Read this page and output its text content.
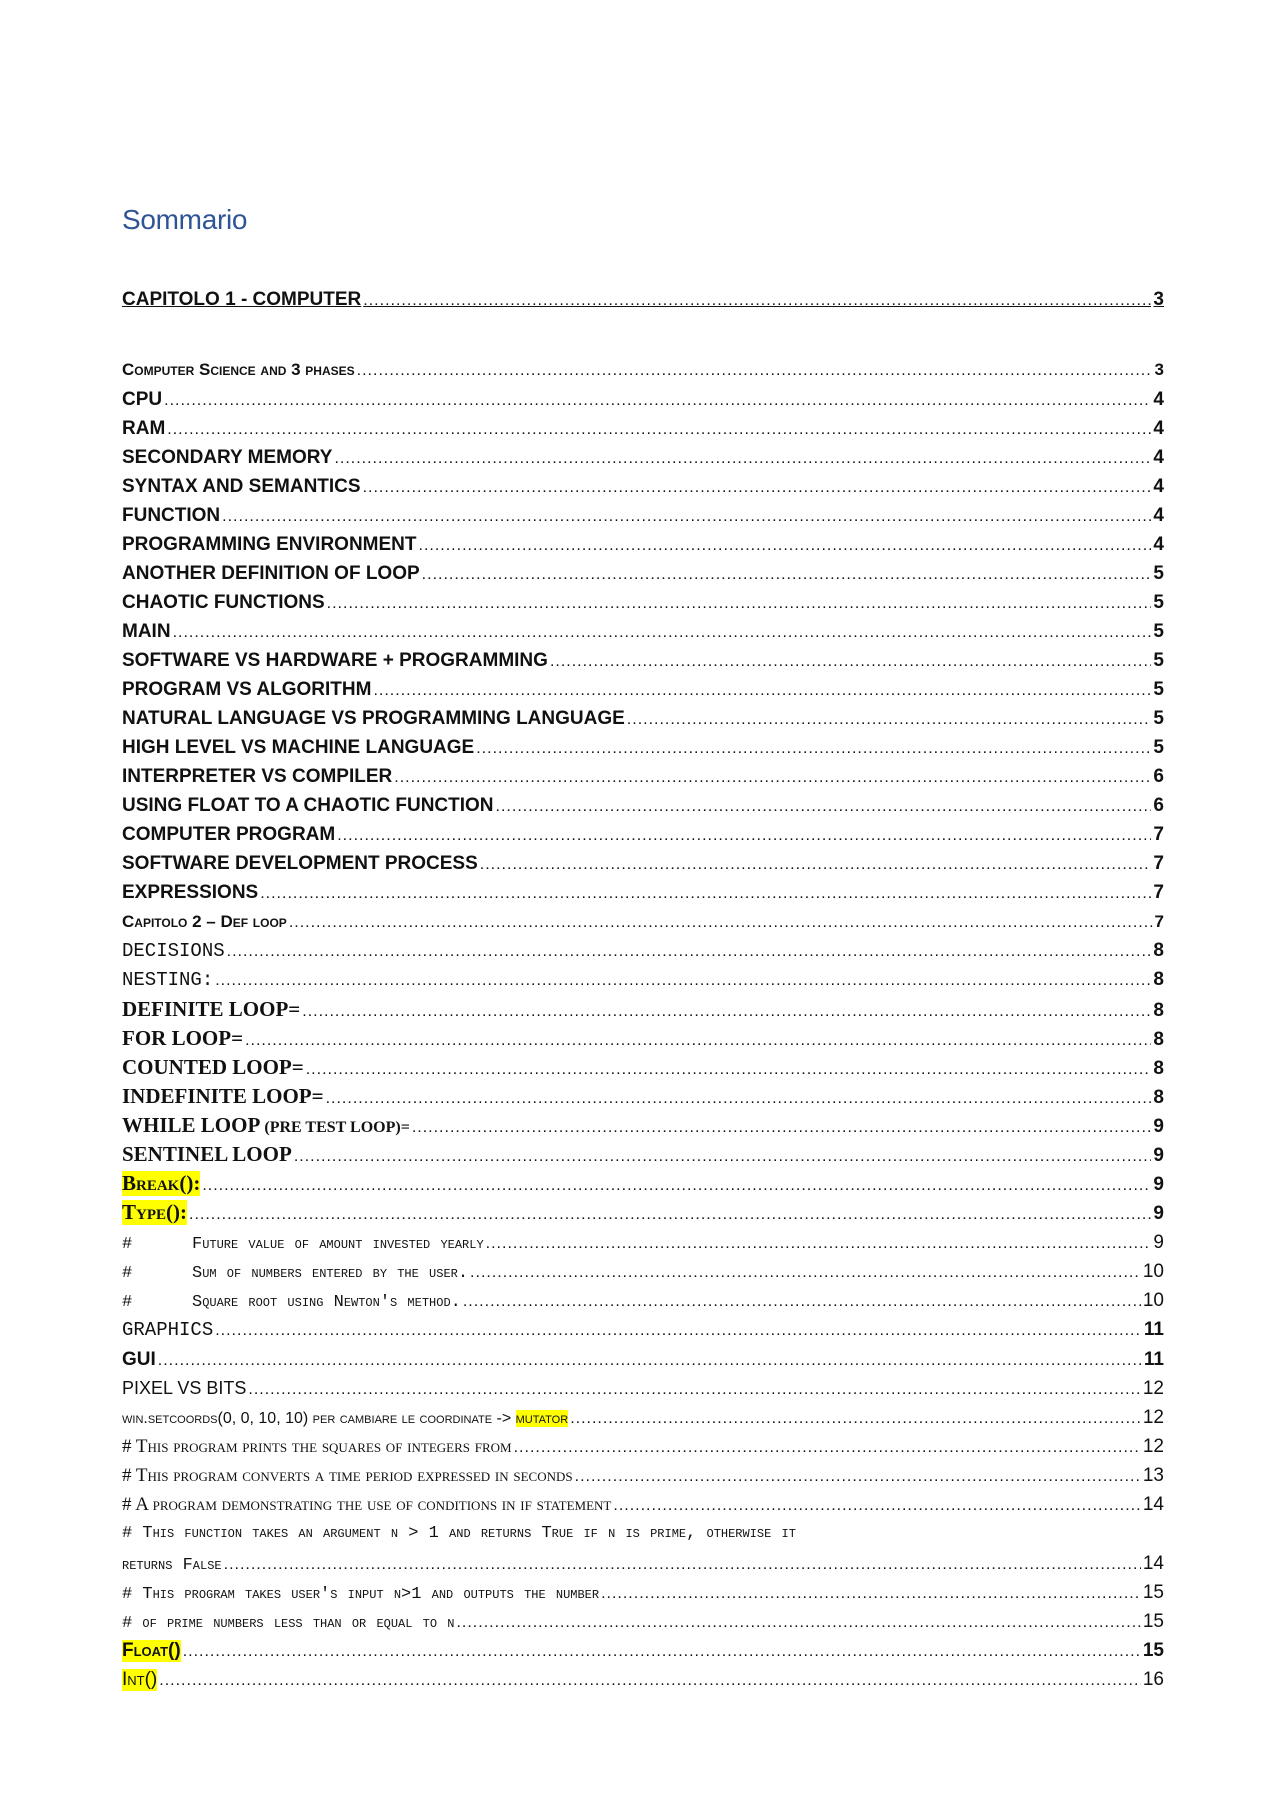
Sommario
CAPITOLO 1 - COMPUTER .....	3
Computer Science and 3 phases .....	3
CPU .....	4
RAM .....	4
SECONDARY MEMORY .....	4
SYNTAX AND SEMANTICS .....	4
FUNCTION .....	4
PROGRAMMING ENVIRONMENT .....	4
ANOTHER DEFINITION OF LOOP .....	5
CHAOTIC FUNCTIONS .....	5
MAIN .....	5
SOFTWARE VS HARDWARE + PROGRAMMING .....	5
PROGRAM VS ALGORITHM .....	5
NATURAL LANGUAGE VS PROGRAMMING LANGUAGE .....	5
HIGH LEVEL VS MACHINE LANGUAGE .....	5
INTERPRETER VS COMPILER .....	6
USING FLOAT TO A CHAOTIC FUNCTION .....	6
COMPUTER PROGRAM .....	7
SOFTWARE DEVELOPMENT PROCESS .....	7
EXPRESSIONS .....	7
Capitolo 2 – Def loop .....	7
DECISIONS .....	8
NESTING: .....	8
DEFINITE LOOP= .....	8
FOR LOOP= .....	8
COUNTED LOOP= .....	8
INDEFINITE LOOP= .....	8
WHILE LOOP (PRE TEST LOOP)= .....	9
SENTINEL LOOP .....	9
Break(): .....	9
Type(): .....	9
#	Future value of amount invested yearly .....	9
#	Sum of numbers entered by the user. .....	10
#	Square root using Newton's method. .....	10
GRAPHICS .....	11
GUI .....	11
PIXEL VS BITS .....	12
win.setcoords(0, 0, 10, 10) per cambiare le coordinate -> mutator .....	12
# This program prints the squares of integers from .....	12
# This program converts a time period expressed in seconds .....	13
# A program demonstrating the use of conditions in if statement .....	14
# This function takes an argument n > 1 and returns True if n is prime, otherwise it
returns False .....	14
# This program takes user's input n>1 and outputs the number .....	15
# of prime numbers less than or equal to n .....	15
Float() .....	15
Int() .....	16
